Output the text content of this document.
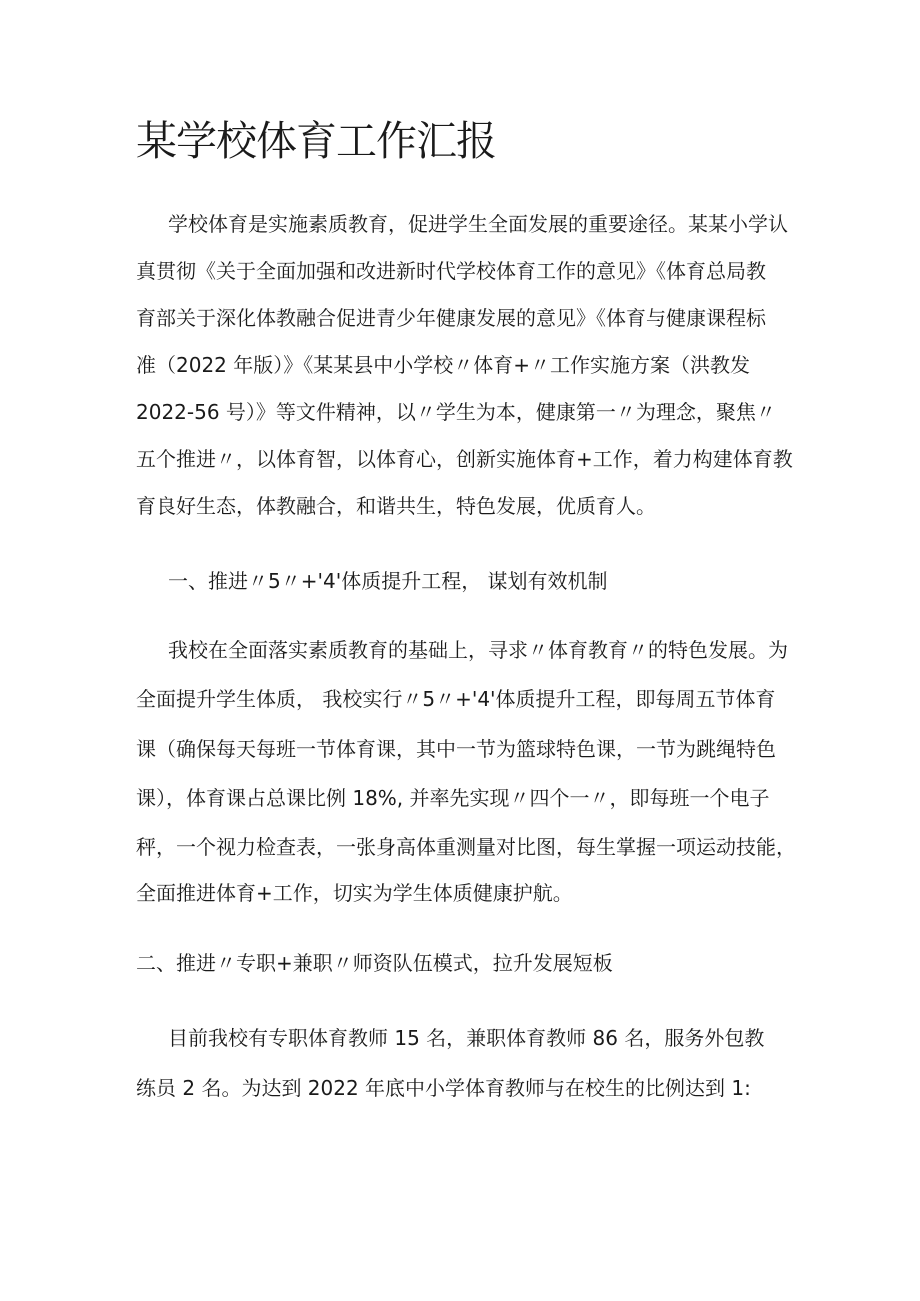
某学校体育工作汇报

学校体育是实施素质教育，促进学生全面发展的重要途径。某某小学认

真贯彻《关于全面加强和改进新时代学校体育工作的意见》《体育总局教

育部关于深化体教融合促进青少年健康发展的意见》《体育与健康课程标

准（2022 年版）》《某某县中小学校〃体育+〃工作实施方案（洪教发

2022-56 号）》等文件精神，以〃学生为本，健康第一〃为理念，聚焦〃

五个推进〃，以体育智，以体育心，创新实施体育+工作，着力构建体育教

育良好生态，体教融合，和谐共生，特色发展，优质育人。

一、推进〃5〃+'4'体质提升工程， 谋划有效机制

我校在全面落实素质教育的基础上，寻求〃体育教育〃的特色发展。为

全面提升学生体质， 我校实行〃5〃+'4'体质提升工程，即每周五节体育

课（确保每天每班一节体育课，其中一节为篮球特色课，一节为跳绳特色

课），体育课占总课比例 18%, 并率先实现〃四个一〃，即每班一个电子

秤，一个视力检查表，一张身高体重测量对比图，每生掌握一项运动技能，

全面推进体育+工作，切实为学生体质健康护航。

二、推进〃专职+兼职〃师资队伍模式，拉升发展短板

目前我校有专职体育教师 15 名，兼职体育教师 86 名，服务外包教

练员 2 名。为达到 2022 年底中小学体育教师与在校生的比例达到 1:
